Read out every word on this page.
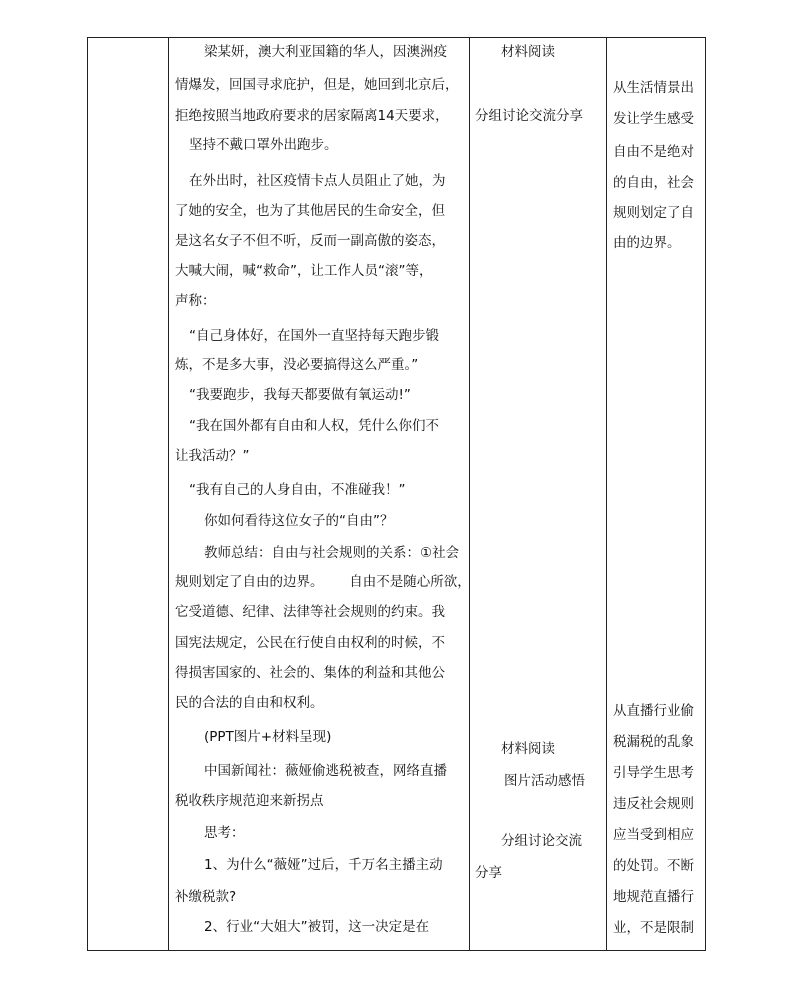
梁某妍，澳大利亚国籍的华人，因澳洲疫

情爆发，回国寻求庇护，但是，她回到北京后，

拒绝按照当地政府要求的居家隔离14天要求，

坚持不戴口罩外出跑步。

在外出时，社区疫情卡点人员阻止了她，为

了她的安全，也为了其他居民的生命安全，但

是这名女子不但不听，反而一副高傲的姿态，

大喊大闹，喊“救命”，让工作人员“滚”等，

声称：

“自己身体好，在国外一直坚持每天跑步锻

炼，不是多大事，没必要搞得这么严重。”

“我要跑步，我每天都要做有氧运动!”

“我在国外都有自由和人权，凭什么你们不

让我活动？”

“我有自己的人身自由，不准碰我！”

你如何看待这位女子的“自由”？

教师总结：自由与社会规则的关系：①社会

规则划定了自由的边界。      自由不是随心所欲，

它受道德、纪律、法律等社会规则的约束。我

国宪法规定，公民在行使自由权利的时候，不

得损害国家的、社会的、集体的利益和其他公

民的合法的自由和权利。

(PPT图片+材料呈现)

中国新闻社：薇娅偷逃税被查，网络直播

税收秩序规范迎来新拐点

思考：

1、为什么“薇娅”过后，千万名主播主动

补缴税款?

2、行业“大姐大”被罚，这一决定是在

材料阅读
分组讨论交流分享
材料阅读
图片活动感悟
分组讨论交流
分享
从生活情景出
发让学生感受
自由不是绝对
的自由，社会
规则划定了自
由的边界。
从直播行业偷
税漏税的乱象
引导学生思考
违反社会规则
应当受到相应
的处罚。不断
地规范直播行
业，不是限制
